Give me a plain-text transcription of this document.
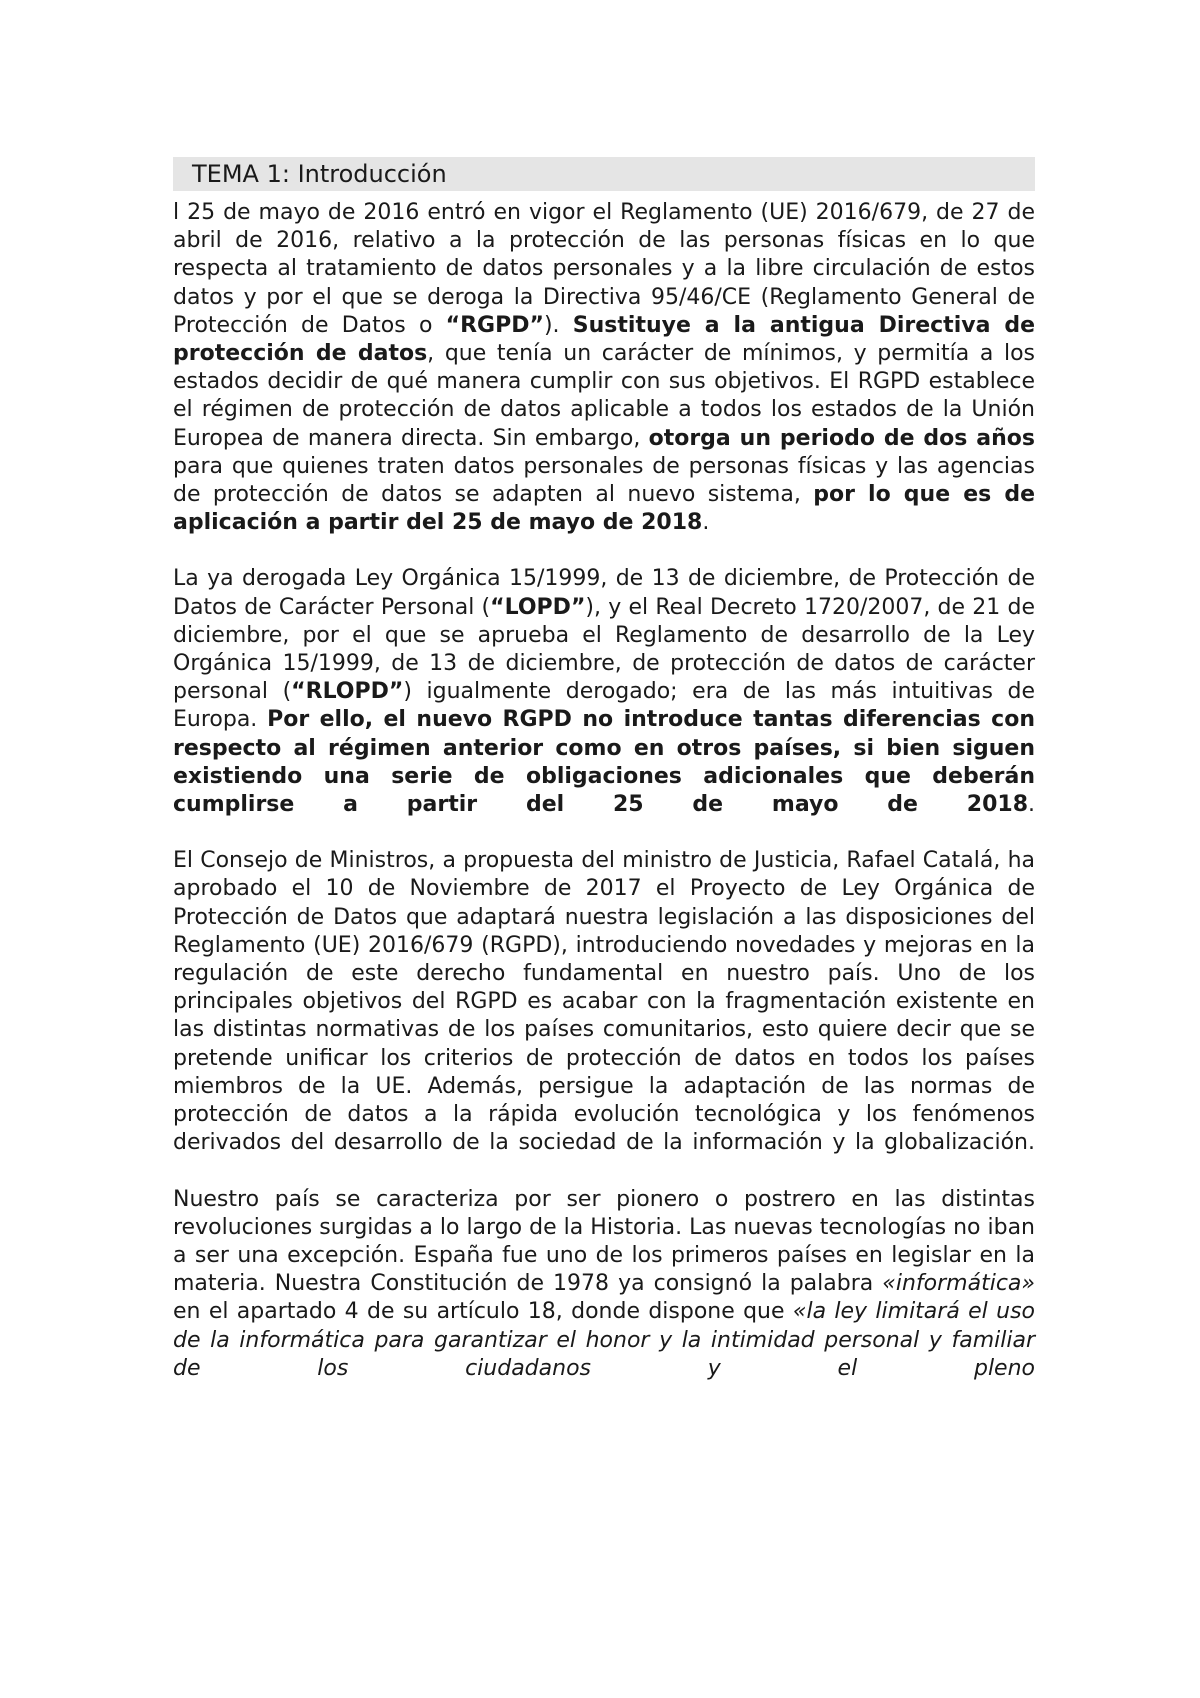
TEMA 1: Introducción

l 25 de mayo de 2016 entró en vigor el Reglamento (UE) 2016/679, de 27 de abril de 2016, relativo a la protección de las personas físicas en lo que respecta al tratamiento de datos personales y a la libre circulación de estos datos y por el que se deroga la Directiva 95/46/CE (Reglamento General de Protección de Datos o “RGPD”). Sustituye a la antigua Directiva de protección de datos, que tenía un carácter de mínimos, y permitía a los estados decidir de qué manera cumplir con sus objetivos. El RGPD establece el régimen de protección de datos aplicable a todos los estados de la Unión Europea de manera directa. Sin embargo, otorga un periodo de dos años para que quienes traten datos personales de personas físicas y las agencias de protección de datos se adapten al nuevo sistema, por lo que es de aplicación a partir del 25 de mayo de 2018.

La ya derogada Ley Orgánica 15/1999, de 13 de diciembre, de Protección de Datos de Carácter Personal (“LOPD”), y el Real Decreto 1720/2007, de 21 de diciembre, por el que se aprueba el Reglamento de desarrollo de la Ley Orgánica 15/1999, de 13 de diciembre, de protección de datos de carácter personal (“RLOPD”) igualmente derogado; era de las más intuitivas de Europa. Por ello, el nuevo RGPD no introduce tantas diferencias con respecto al régimen anterior como en otros países, si bien siguen existiendo una serie de obligaciones adicionales que deberán cumplirse a partir del 25 de mayo de 2018.

El Consejo de Ministros, a propuesta del ministro de Justicia, Rafael Catalá, ha aprobado el 10 de Noviembre de 2017 el Proyecto de Ley Orgánica de Protección de Datos que adaptará nuestra legislación a las disposiciones del Reglamento (UE) 2016/679 (RGPD), introduciendo novedades y mejoras en la regulación de este derecho fundamental en nuestro país. Uno de los principales objetivos del RGPD es acabar con la fragmentación existente en las distintas normativas de los países comunitarios, esto quiere decir que se pretende unificar los criterios de protección de datos en todos los países miembros de la UE. Además, persigue la adaptación de las normas de protección de datos a la rápida evolución tecnológica y los fenómenos derivados del desarrollo de la sociedad de la información y la globalización.

Nuestro país se caracteriza por ser pionero o postrero en las distintas revoluciones surgidas a lo largo de la Historia. Las nuevas tecnologías no iban a ser una excepción. España fue uno de los primeros países en legislar en la materia. Nuestra Constitución de 1978 ya consignó la palabra «informática» en el apartado 4 de su artículo 18, donde dispone que «la ley limitará el uso de la informática para garantizar el honor y la intimidad personal y familiar de los ciudadanos y el pleno
